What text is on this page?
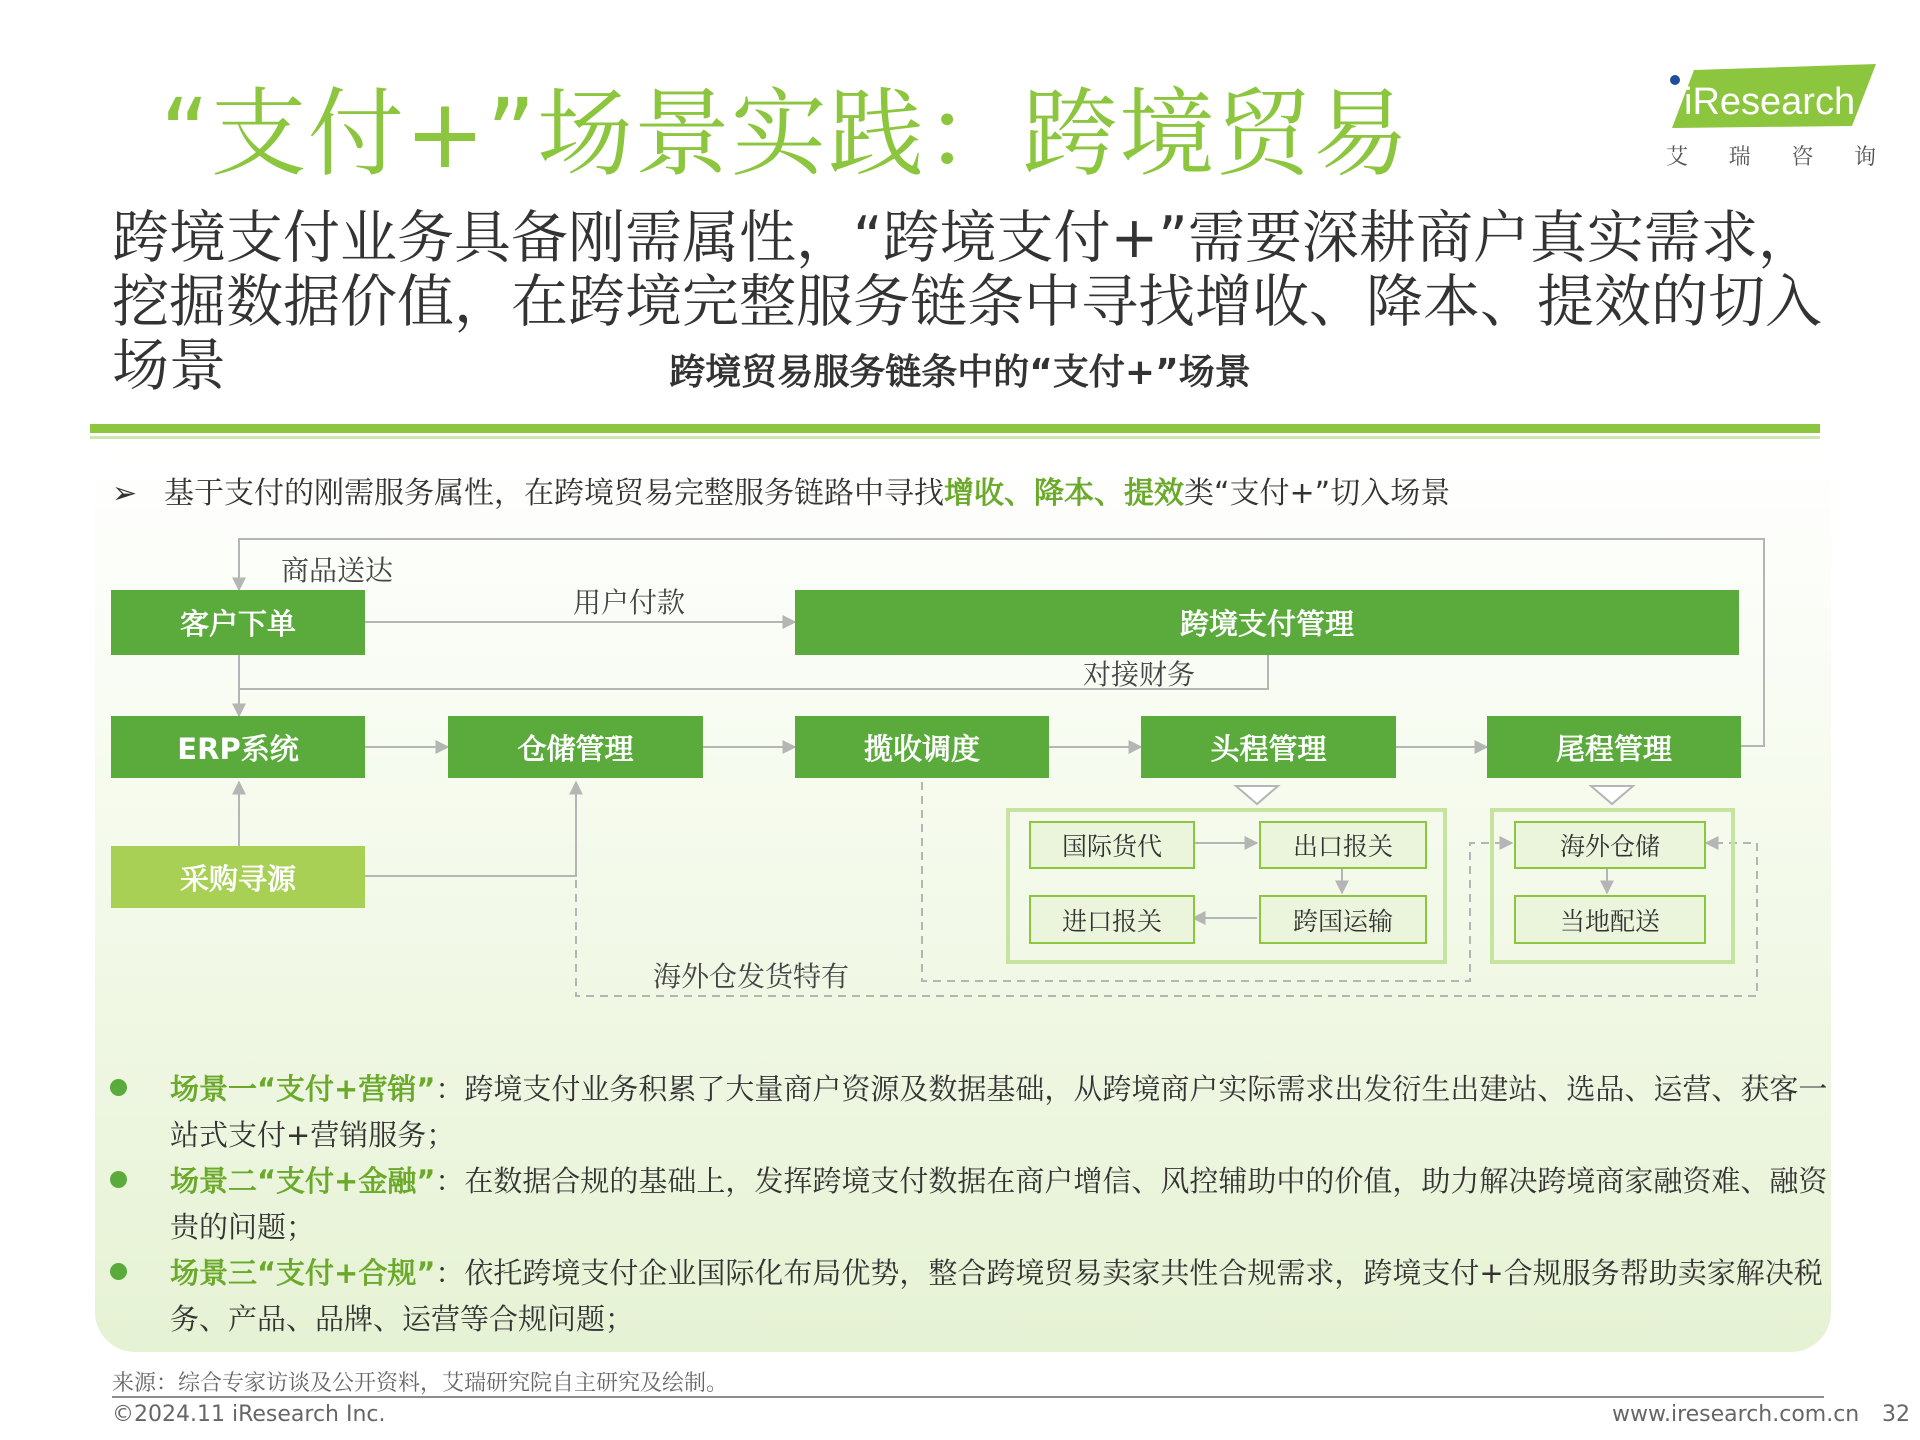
“支付+”场景实践：跨境贸易	iResearch
艾 瑞 咨 询
跨境支付业务具备刚需属性，“跨境支付+”需要深耕商户真实需求，挖掘数据价值，在跨境完整服务链条中寻找增收、降本、提效的切入场景	跨境贸易服务链条中的“支付+”场景
➢ 基于支付的刚需服务属性，在跨境贸易完整服务链路中寻找增收、降本、提效类“支付+”切入场景
商品送达
用户付款
对接财务
海外仓发货特有
客户下单	跨境支付管理
ERP系统	仓储管理	揽收调度	头程管理	尾程管理
采购寻源
国际货代	出口报关
进口报关	跨国运输
海外仓储
当地配送
场景一“支付+营销”：跨境支付业务积累了大量商户资源及数据基础，从跨境商户实际需求出发衍生出建站、选品、运营、获客一站式支付+营销服务；
场景二“支付+金融”：在数据合规的基础上，发挥跨境支付数据在商户增信、风控辅助中的价值，助力解决跨境商家融资难、融资贵的问题；
场景三“支付+合规”：依托跨境支付企业国际化布局优势，整合跨境贸易卖家共性合规需求，跨境支付+合规服务帮助卖家解决税务、产品、品牌、运营等合规问题；
来源：综合专家访谈及公开资料，艾瑞研究院自主研究及绘制。
©2024.11 iResearch Inc.	www.iresearch.com.cn 32
